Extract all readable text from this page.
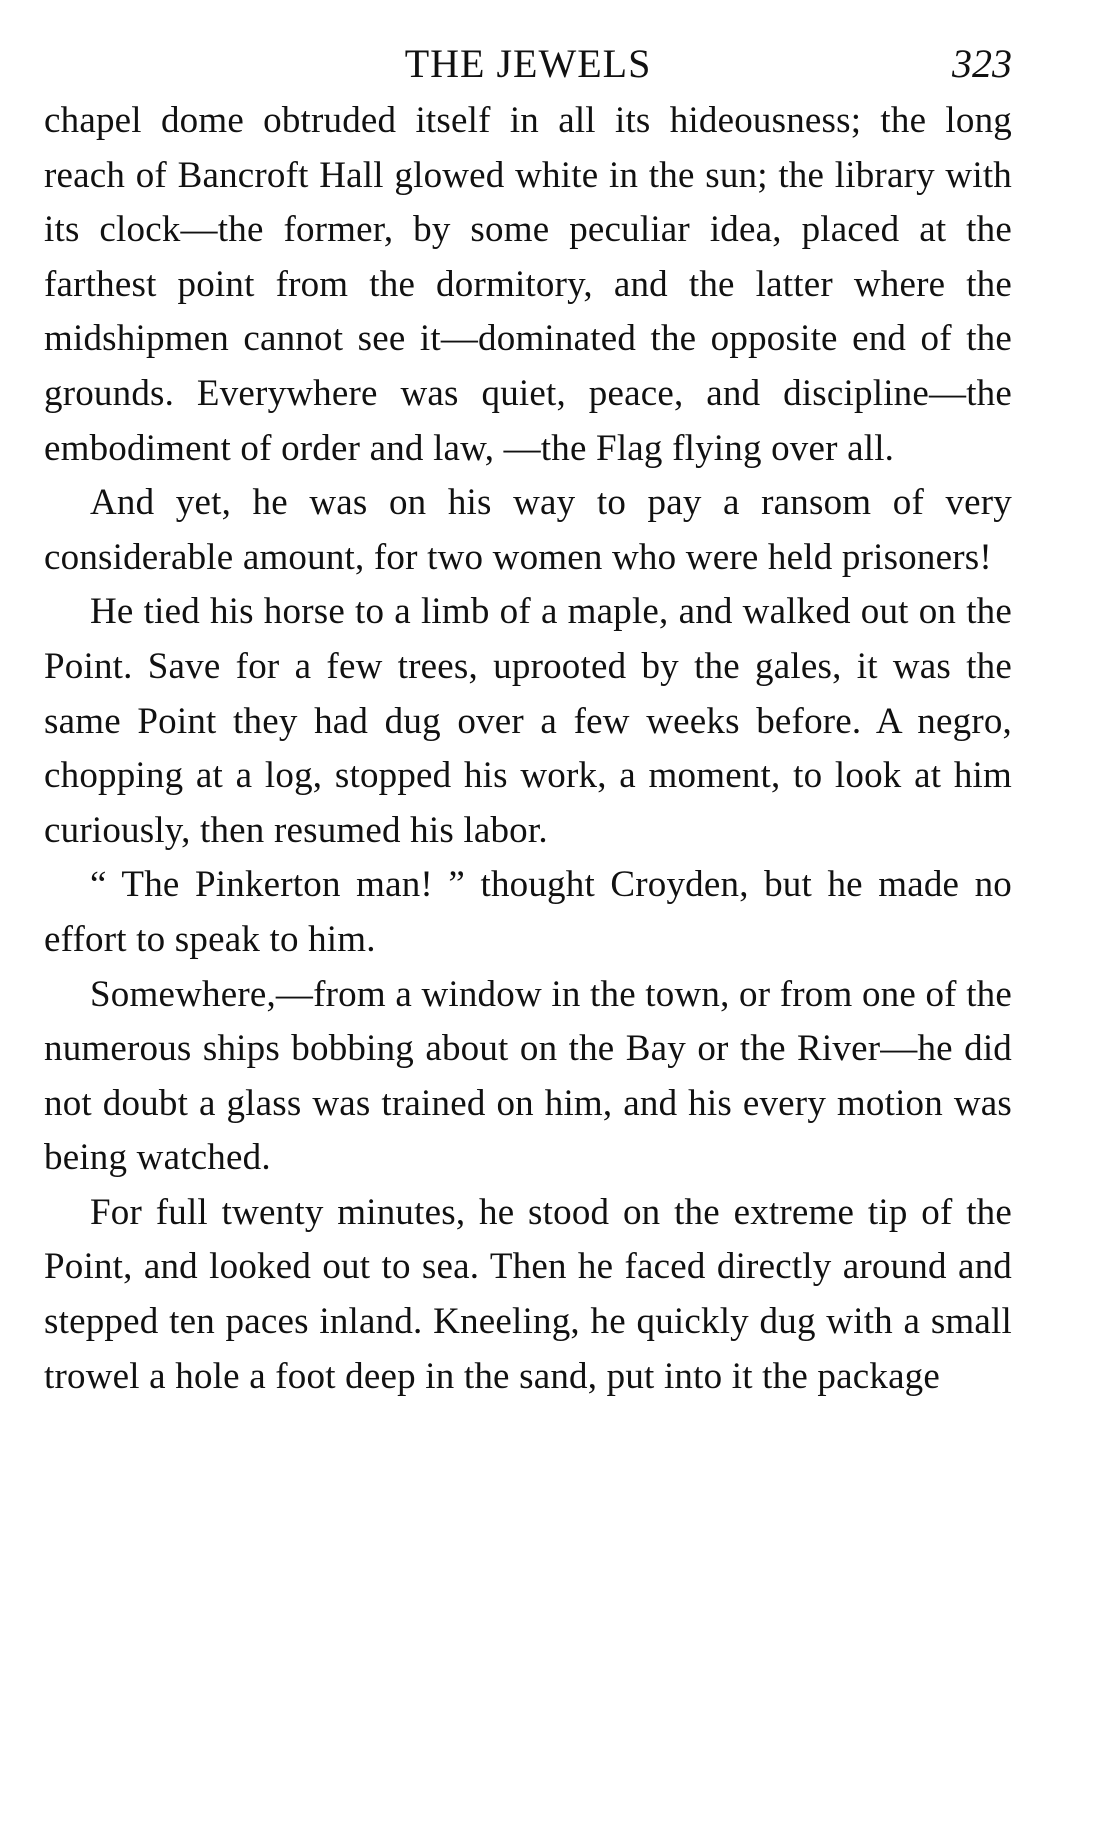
THE JEWELS	323

chapel dome obtruded itself in all its hideousness; the long reach of Bancroft Hall glowed white in the sun; the library with its clock—the former, by some peculiar idea, placed at the farthest point from the dormitory, and the latter where the midshipmen cannot see it—dominated the opposite end of the grounds. Everywhere was quiet, peace, and discipline—the embodiment of order and law, —the Flag flying over all.

And yet, he was on his way to pay a ransom of very considerable amount, for two women who were held prisoners!

He tied his horse to a limb of a maple, and walked out on the Point. Save for a few trees, uprooted by the gales, it was the same Point they had dug over a few weeks before. A negro, chopping at a log, stopped his work, a moment, to look at him curiously, then resumed his labor.

“ The Pinkerton man! ” thought Croyden, but he made no effort to speak to him.

Somewhere,—from a window in the town, or from one of the numerous ships bobbing about on the Bay or the River—he did not doubt a glass was trained on him, and his every motion was being watched.

For full twenty minutes, he stood on the extreme tip of the Point, and looked out to sea. Then he faced directly around and stepped ten paces inland. Kneeling, he quickly dug with a small trowel a hole a foot deep in the sand, put into it the package
